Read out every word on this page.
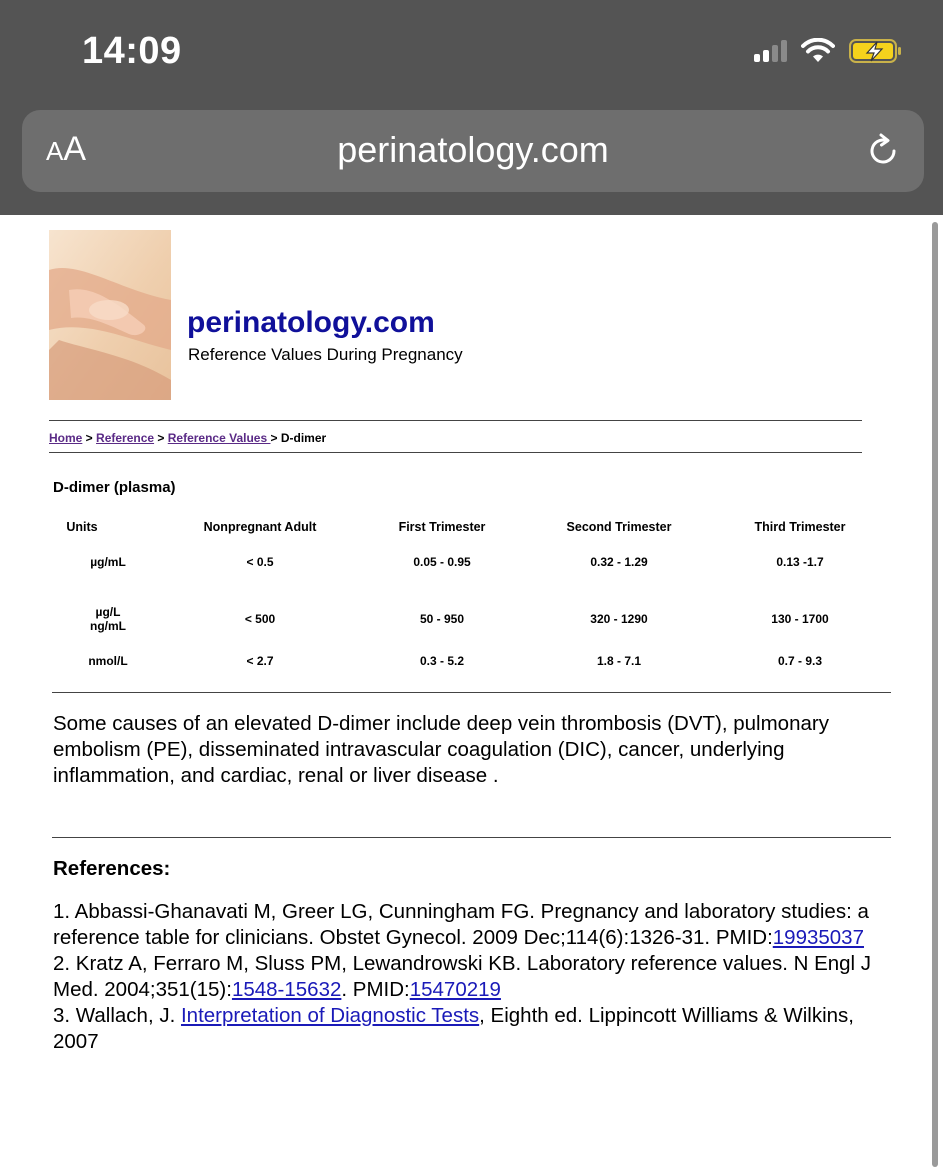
14:09
AA	perinatology.com
perinatology.com
Reference Values During Pregnancy
Home > Reference > Reference Values > D-dimer
D-dimer (plasma)
Units	Nonpregnant Adult	First Trimester	Second Trimester	Third Trimester
µg/mL	< 0.5	0.05 - 0.95	0.32 - 1.29	0.13 -1.7
µg/L
ng/mL	< 500	50 - 950	320 - 1290	130 - 1700
nmol/L	< 2.7	0.3 - 5.2	1.8 - 7.1	0.7 - 9.3
Some causes of an elevated D-dimer include deep vein thrombosis (DVT), pulmonary embolism (PE), disseminated intravascular coagulation (DIC), cancer, underlying inflammation, and cardiac, renal or liver disease .
References:
1. Abbassi-Ghanavati M, Greer LG, Cunningham FG. Pregnancy and laboratory studies: a reference table for clinicians. Obstet Gynecol. 2009 Dec;114(6):1326-31. PMID:19935037
2. Kratz A, Ferraro M, Sluss PM, Lewandrowski KB. Laboratory reference values. N Engl J Med. 2004;351(15):1548-15632. PMID:15470219
3. Wallach, J. Interpretation of Diagnostic Tests, Eighth ed. Lippincott Williams & Wilkins, 2007
